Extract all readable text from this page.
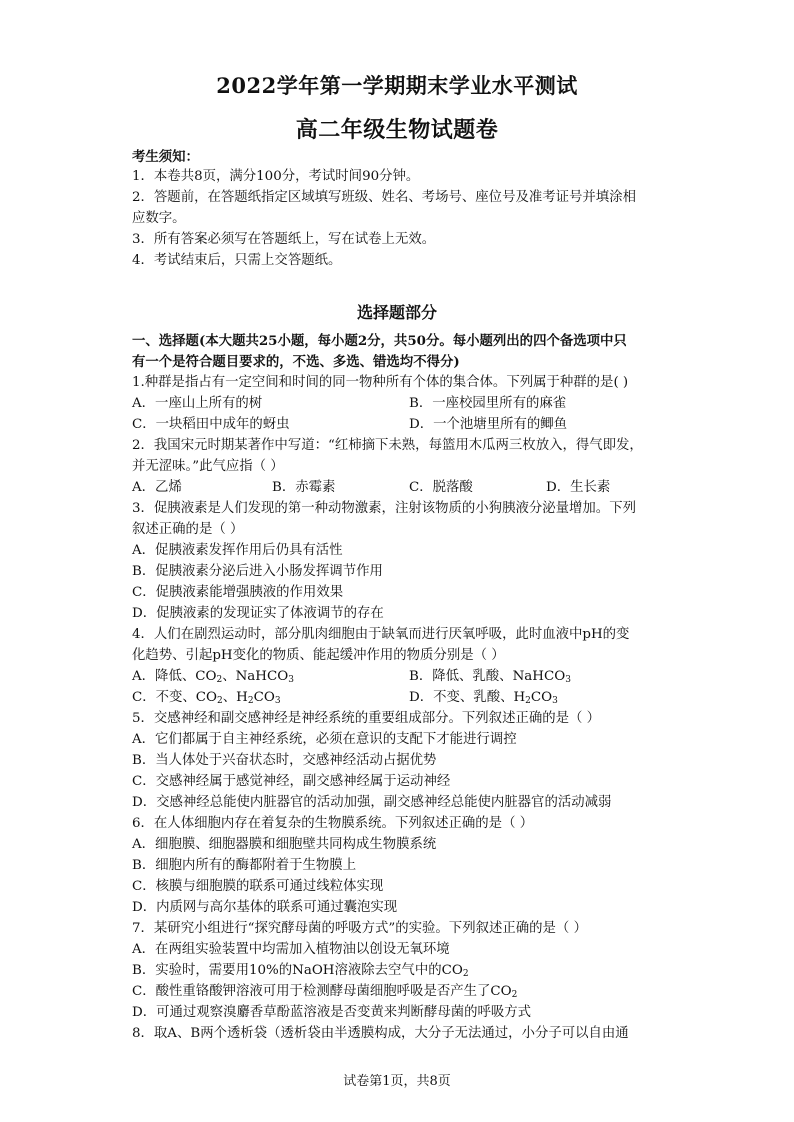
2022学年第一学期期末学业水平测试
高二年级生物试题卷
考生须知：
1．本卷共8页，满分100分，考试时间90分钟。
2．答题前，在答题纸指定区域填写班级、姓名、考场号、座位号及准考证号并填涂相
应数字。
3．所有答案必须写在答题纸上，写在试卷上无效。
4．考试结束后，只需上交答题纸。
选择题部分
一、选择题(本大题共25小题，每小题2分，共50分。每小题列出的四个备选项中只
有一个是符合题目要求的，不选、多选、错选均不得分)
1.种群是指占有一定空间和时间的同一物种所有个体的集合体。下列属于种群的是( )
A．一座山上所有的树	B．一座校园里所有的麻雀
C．一块稻田中成年的蚜虫	D．一个池塘里所有的鲫鱼
2．我国宋元时期某著作中写道：“红柿摘下未熟，每篮用木瓜两三枚放入，得气即发，
并无涩味。”此气应指（ ）
A．乙烯	B．赤霉素	C．脱落酸	D．生长素
3．促胰液素是人们发现的第一种动物激素，注射该物质的小狗胰液分泌量增加。下列
叙述正确的是（ ）
A．促胰液素发挥作用后仍具有活性
B．促胰液素分泌后进入小肠发挥调节作用
C．促胰液素能增强胰液的作用效果
D．促胰液素的发现证实了体液调节的存在
4．人们在剧烈运动时，部分肌肉细胞由于缺氧而进行厌氧呼吸，此时血液中pH的变
化趋势、引起pH变化的物质、能起缓冲作用的物质分别是（ ）
A．降低、$CO_2$、NaHCO$_3$	B．降低、乳酸、NaHCO$_3$
C．不变、$CO_2$、$H_2CO_3$	D．不变、乳酸、$H_2CO_3$
5．交感神经和副交感神经是神经系统的重要组成部分。下列叙述正确的是（ ）
A．它们都属于自主神经系统，必须在意识的支配下才能进行调控
B．当人体处于兴奋状态时，交感神经活动占据优势
C．交感神经属于感觉神经，副交感神经属于运动神经
D．交感神经总能使内脏器官的活动加强，副交感神经总能使内脏器官的活动减弱
6．在人体细胞内存在着复杂的生物膜系统。下列叙述正确的是（ ）
A．细胞膜、细胞器膜和细胞壁共同构成生物膜系统
B．细胞内所有的酶都附着于生物膜上
C．核膜与细胞膜的联系可通过线粒体实现
D．内质网与高尔基体的联系可通过囊泡实现
7．某研究小组进行“探究酵母菌的呼吸方式”的实验。下列叙述正确的是（ ）
A．在两组实验装置中均需加入植物油以创设无氧环境
B．实验时，需要用10%的NaOH溶液除去空气中的$CO_2$
C．酸性重铬酸钾溶液可用于检测酵母菌细胞呼吸是否产生了$CO_2$
D．可通过观察溴麝香草酚蓝溶液是否变黄来判断酵母菌的呼吸方式
8．取A、B两个透析袋（透析袋由半透膜构成，大分子无法通过，小分子可以自由通
试卷第1页，共8页
